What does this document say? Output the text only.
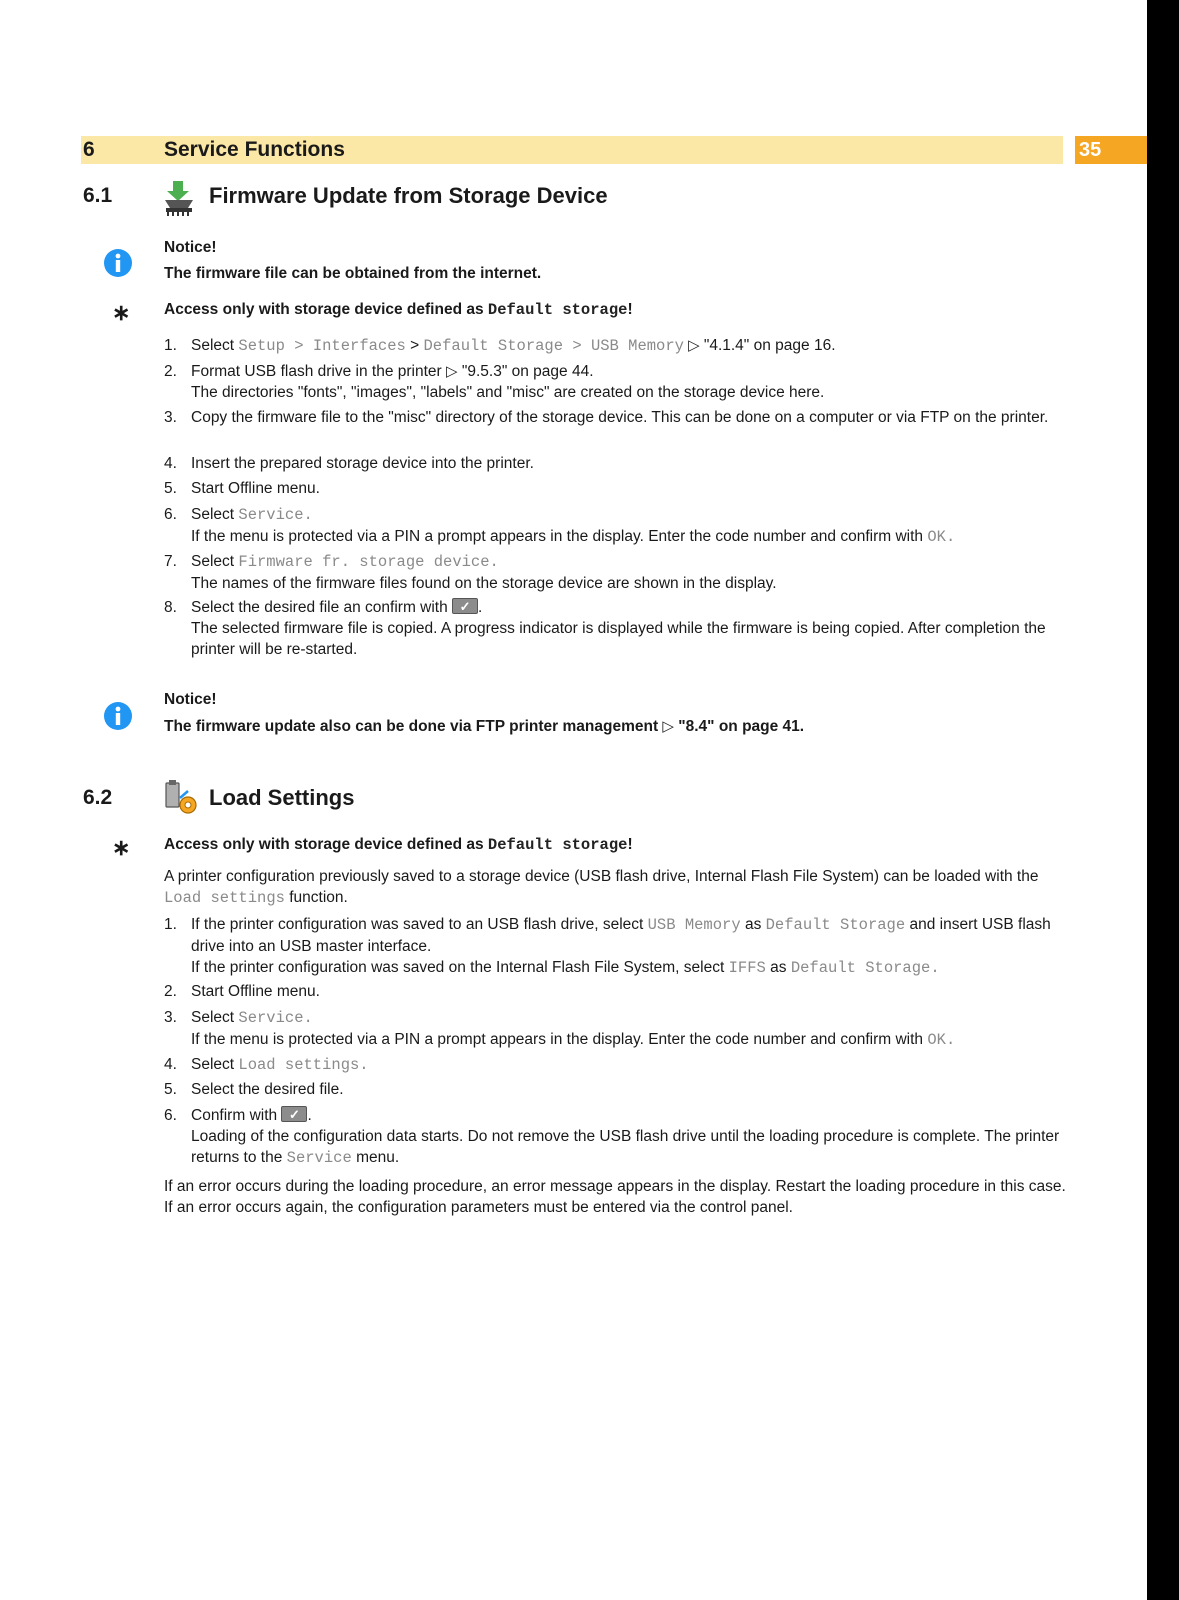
6	Service Functions	35
6.1	Firmware Update from Storage Device
Notice!
The firmware file can be obtained from the internet.
∗ Access only with storage device defined as Default storage!
1. Select Setup > Interfaces > Default Storage > USB Memory ▷ "4.1.4" on page 16.
2. Format USB flash drive in the printer ▷ "9.5.3" on page 44.
The directories "fonts", "images", "labels" and "misc" are created on the storage device here.
3. Copy the firmware file to the "misc" directory of the storage device. This can be done on a computer or via FTP on the printer.
4. Insert the prepared storage device into the printer.
5. Start Offline menu.
6. Select Service.
If the menu is protected via a PIN a prompt appears in the display. Enter the code number and confirm with OK.
7. Select Firmware fr. storage device.
The names of the firmware files found on the storage device are shown in the display.
8. Select the desired file an confirm with ✓.
The selected firmware file is copied. A progress indicator is displayed while the firmware is being copied. After completion the printer will be re-started.
Notice!
The firmware update also can be done via FTP printer management ▷ "8.4" on page 41.
6.2	Load Settings
∗ Access only with storage device defined as Default storage!
A printer configuration previously saved to a storage device (USB flash drive, Internal Flash File System) can be loaded with the Load settings function.
1. If the printer configuration was saved to an USB flash drive, select USB Memory as Default Storage and insert USB flash drive into an USB master interface.
If the printer configuration was saved on the Internal Flash File System, select IFFS as Default Storage.
2. Start Offline menu.
3. Select Service.
If the menu is protected via a PIN a prompt appears in the display. Enter the code number and confirm with OK.
4. Select Load settings.
5. Select the desired file.
6. Confirm with ✓.
Loading of the configuration data starts. Do not remove the USB flash drive until the loading procedure is complete. The printer returns to the Service menu.
If an error occurs during the loading procedure, an error message appears in the display. Restart the loading procedure in this case. If an error occurs again, the configuration parameters must be entered via the control panel.
